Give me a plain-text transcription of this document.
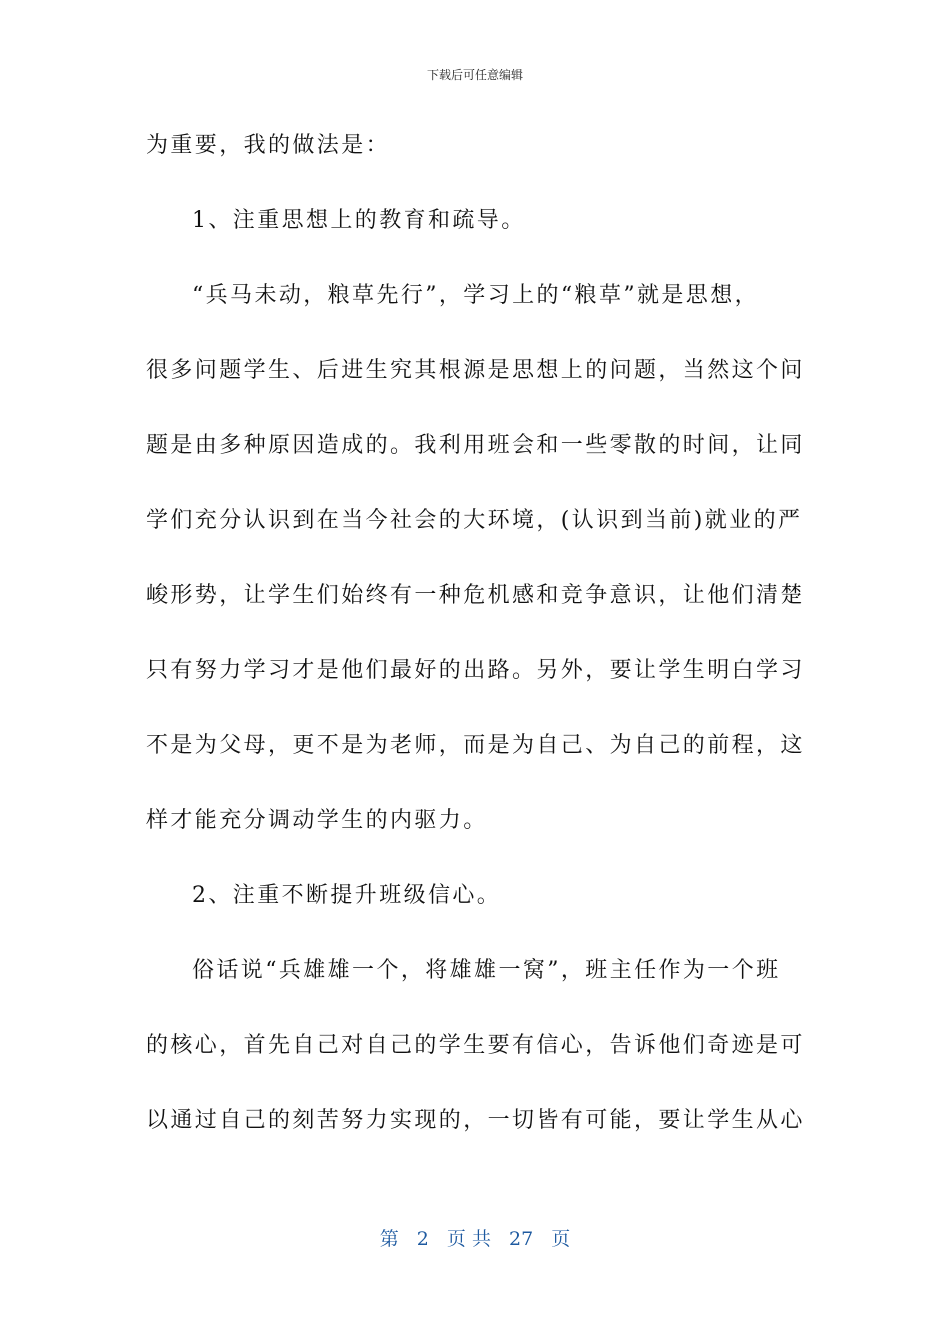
下载后可任意编辑
为重要，我的做法是：
1、注重思想上的教育和疏导。
“兵马未动，粮草先行”，学习上的“粮草”就是思想，
很多问题学生、后进生究其根源是思想上的问题，当然这个问
题是由多种原因造成的。我利用班会和一些零散的时间，让同
学们充分认识到在当今社会的大环境，(认识到当前)就业的严
峻形势，让学生们始终有一种危机感和竞争意识，让他们清楚
只有努力学习才是他们最好的出路。另外，要让学生明白学习
不是为父母，更不是为老师，而是为自己、为自己的前程，这
样才能充分调动学生的内驱力。
2、注重不断提升班级信心。
俗话说“兵雄雄一个，将雄雄一窝”，班主任作为一个班
的核心，首先自己对自己的学生要有信心，告诉他们奇迹是可
以通过自己的刻苦努力实现的，一切皆有可能，要让学生从心
第 2 页 共 27 页
